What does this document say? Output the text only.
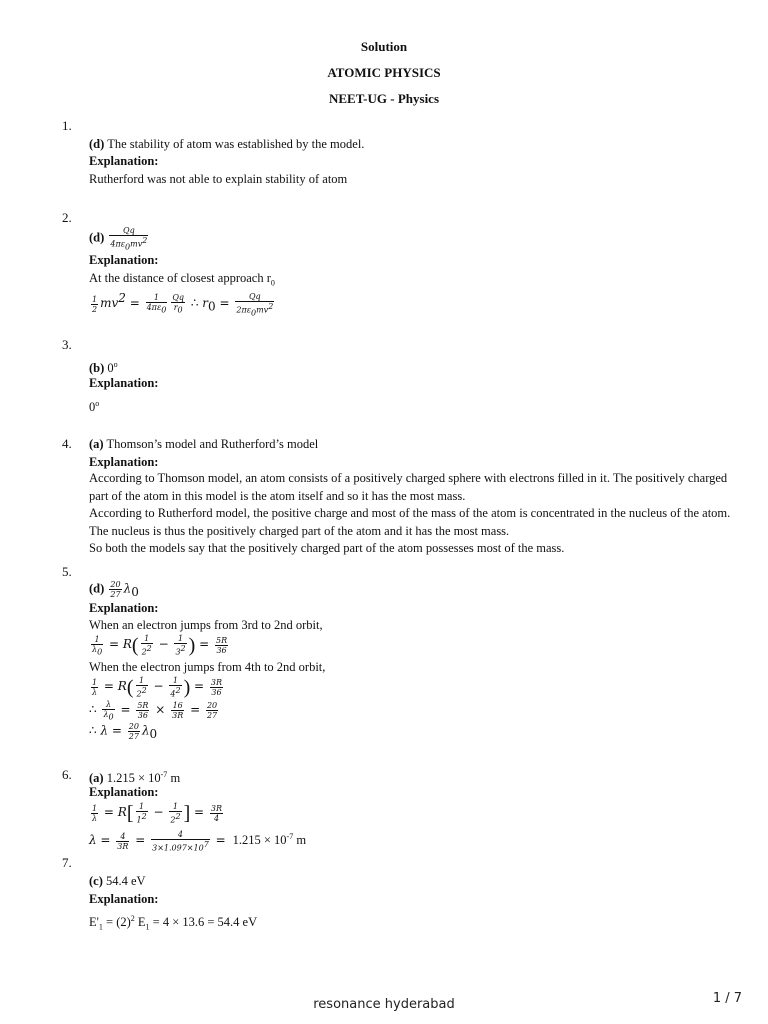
Solution
ATOMIC PHYSICS
NEET-UG - Physics
1.
(d) The stability of atom was established by the model.
Explanation:
Rutherford was not able to explain stability of atom
2.
$(d) \frac{Qq}{4\pi\varepsilon_0mv^2}$
Explanation:
At the distance of closest approach $r_0$
$\frac{1}{2} mv^2 = \frac{1}{4\pi\varepsilon_0} \frac{Qq}{r_0}$ ∴ $r_0 = \frac{Qq}{2\pi\varepsilon_0mv^2}$
3.
(b) 0$^o$
Explanation:
0$^o$
4. (a) Thomson’s model and Rutherford’s model
Explanation:
According to Thomson model, an atom consists of a positively charged sphere with electrons filled in it. The positively charged part of the atom in this model is the atom itself and so it has the most mass.
According to Rutherford model, the positive charge and most of the mass of the atom is concentrated in the nucleus of the atom. The nucleus is thus the positively charged part of the atom and it has the most mass.
So both the models say that the positively charged part of the atom possesses most of the mass.
5.
$(d) \frac{20}{27} \lambda_0$
Explanation:
When an electron jumps from 3rd to 2nd orbit,
$\frac{1}{\lambda_0} = R( \frac{1}{2^2} - \frac{1}{3^2}$ ) = $\frac{5R}{36}$
When the electron jumps from 4th to 2nd orbit,
$\frac{1}{\lambda} = R( \frac{1}{2^2} - \frac{1}{4^2}$ ) = $\frac{3R}{36}$
∴ $\frac{\lambda}{\lambda_0} = \frac{5R}{36} \times \frac{16}{3R} = \frac{20}{27}$
∴ $\lambda = \frac{20}{27} \lambda_0$
6. (a) $1.215 \times 10^{-7}$ m
Explanation:
$\frac{1}{\lambda} = R[ \frac{1}{1^2} - \frac{1}{2^2}$ ] = $\frac{3R}{4}$
$\lambda = \frac{4}{3R} = \frac{4}{3\times 1.097\times 10^7} = 1.215 \times 10^{-7}$ m
7.
(c) 54.4 eV
Explanation:
$E'_1 = (2)^2$ $E_1 = 4 \times 13.6 = 54.4$ eV
resonance hyderabad	1 / 7
